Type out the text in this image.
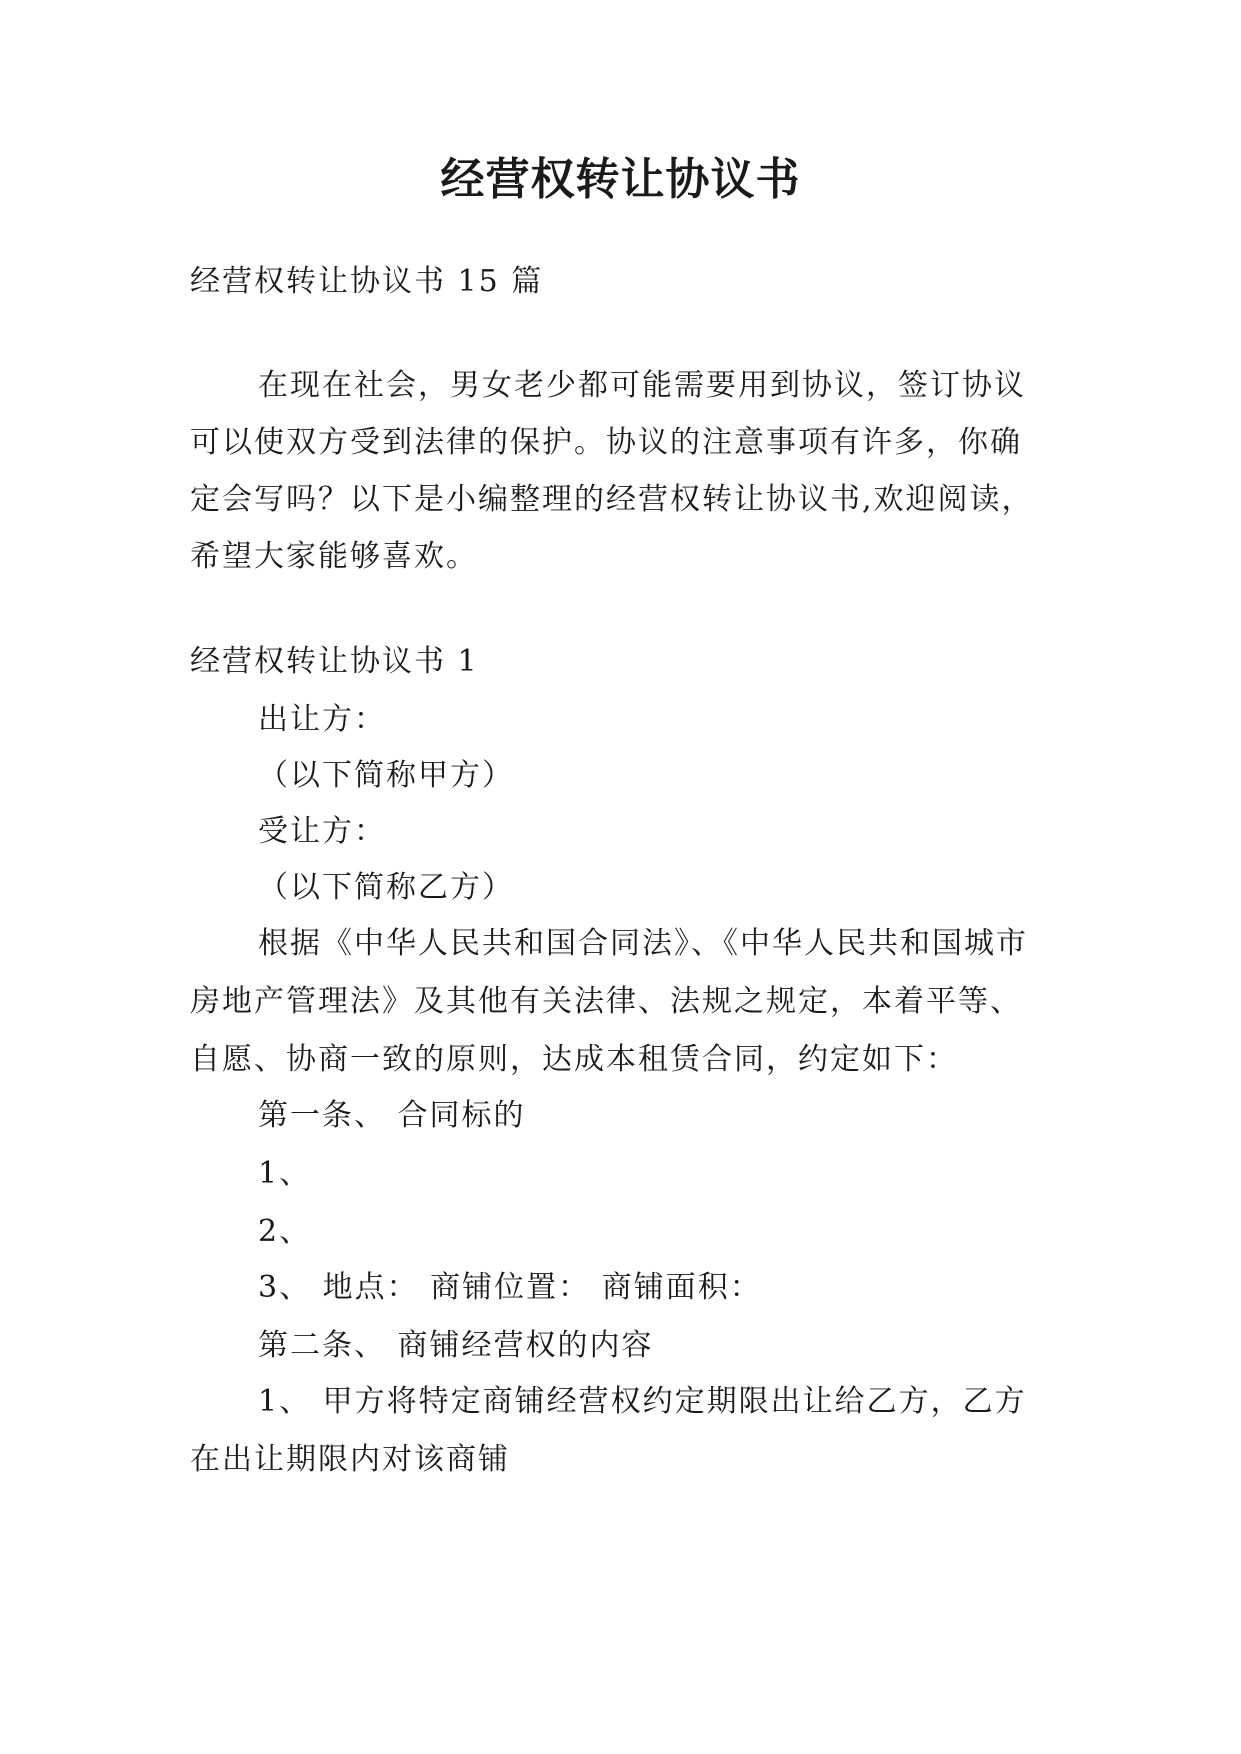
经营权转让协议书
经营权转让协议书 15 篇
在现在社会，男女老少都可能需要用到协议，签订协议
可以使双方受到法律的保护。协议的注意事项有许多，你确
定会写吗？以下是小编整理的经营权转让协议书,欢迎阅读，
希望大家能够喜欢。
经营权转让协议书 1
出让方：
（以下简称甲方）
受让方：
（以下简称乙方）
根据《中华人民共和国合同法》、《中华人民共和国城市
房地产管理法》及其他有关法律、法规之规定，本着平等、
自愿、协商一致的原则，达成本租赁合同，约定如下：
第一条、 合同标的
1、
2、
3、 地点： 商铺位置： 商铺面积：
第二条、 商铺经营权的内容
1、 甲方将特定商铺经营权约定期限出让给乙方，乙方
在出让期限内对该商铺
